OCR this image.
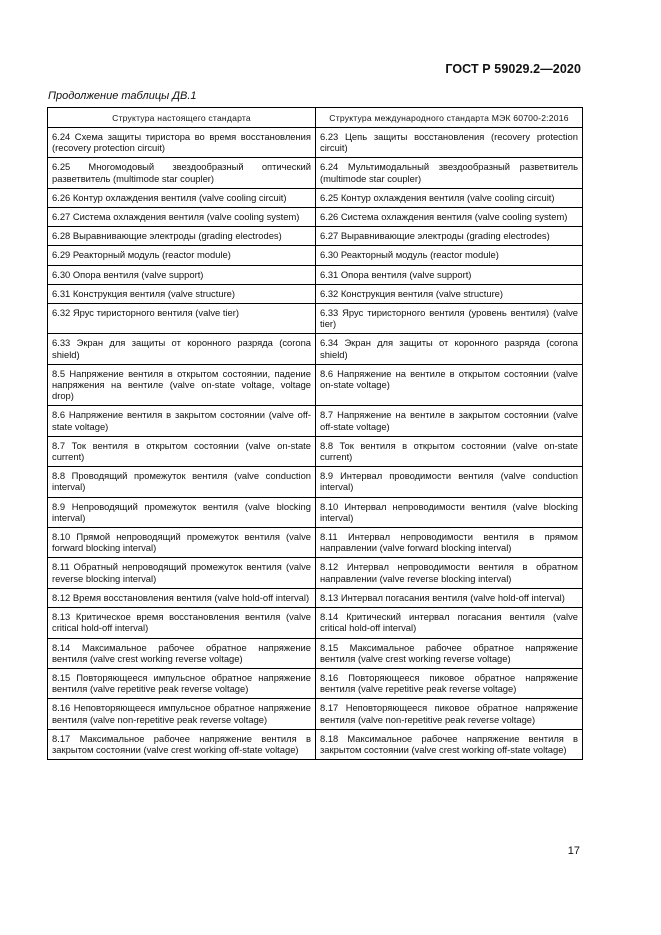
ГОСТ Р 59029.2—2020
Продолжение таблицы ДВ.1
Структура настоящего стандарта	Структура международного стандарта МЭК 60700-2:2016
6.24 Схема защиты тиристора во время восстановления (recovery protection circuit)	6.23 Цепь защиты восстановления (recovery protection circuit)
6.25 Многомодовый звездообразный оптический разветвитель (multimode star coupler)	6.24 Мультимодальный звездообразный разветвитель (multimode star coupler)
6.26 Контур охлаждения вентиля (valve cooling circuit)	6.25 Контур охлаждения вентиля (valve cooling circuit)
6.27 Система охлаждения вентиля (valve cooling system)	6.26 Система охлаждения вентиля (valve cooling system)
6.28 Выравнивающие электроды (grading electrodes)	6.27 Выравнивающие электроды (grading electrodes)
6.29 Реакторный модуль (reactor module)	6.30 Реакторный модуль (reactor module)
6.30 Опора вентиля (valve support)	6.31 Опора вентиля (valve support)
6.31 Конструкция вентиля (valve structure)	6.32 Конструкция вентиля (valve structure)
6.32 Ярус тиристорного вентиля (valve tier)	6.33 Ярус тиристорного вентиля (уровень вентиля) (valve tier)
6.33 Экран для защиты от коронного разряда (corona shield)	6.34 Экран для защиты от коронного разряда (corona shield)
8.5 Напряжение вентиля в открытом состоянии, падение напряжения на вентиле (valve on-state voltage, voltage drop)	8.6 Напряжение на вентиле в открытом состоянии (valve on-state voltage)
8.6 Напряжение вентиля в закрытом состоянии (valve off-state voltage)	8.7 Напряжение на вентиле в закрытом состоянии (valve off-state voltage)
8.7 Ток вентиля в открытом состоянии (valve on-state current)	8.8 Ток вентиля в открытом состоянии (valve on-state current)
8.8 Проводящий промежуток вентиля (valve conduction interval)	8.9 Интервал проводимости вентиля (valve conduction interval)
8.9 Непроводящий промежуток вентиля (valve blocking interval)	8.10 Интервал непроводимости вентиля (valve blocking interval)
8.10 Прямой непроводящий промежуток вентиля (valve forward blocking interval)	8.11 Интервал непроводимости вентиля в прямом направлении (valve forward blocking interval)
8.11 Обратный непроводящий промежуток вентиля (valve reverse blocking interval)	8.12 Интервал непроводимости вентиля в обратном направлении (valve reverse blocking interval)
8.12 Время восстановления вентиля (valve hold-off interval)	8.13 Интервал погасания вентиля (valve hold-off interval)
8.13 Критическое время восстановления вентиля (valve critical hold-off interval)	8.14 Критический интервал погасания вентиля (valve critical hold-off interval)
8.14 Максимальное рабочее обратное напряжение вентиля (valve crest working reverse voltage)	8.15 Максимальное рабочее обратное напряжение вентиля (valve crest working reverse voltage)
8.15 Повторяющееся импульсное обратное напряжение вентиля (valve repetitive peak reverse voltage)	8.16 Повторяющееся пиковое обратное напряжение вентиля (valve repetitive peak reverse voltage)
8.16 Неповторяющееся импульсное обратное напряжение вентиля (valve non-repetitive peak reverse voltage)	8.17 Неповторяющееся пиковое обратное напряжение вентиля (valve non-repetitive peak reverse voltage)
8.17 Максимальное рабочее напряжение вентиля в закрытом состоянии (valve crest working off-state voltage)	8.18 Максимальное рабочее напряжение вентиля в закрытом состоянии (valve crest working off-state voltage)
17
